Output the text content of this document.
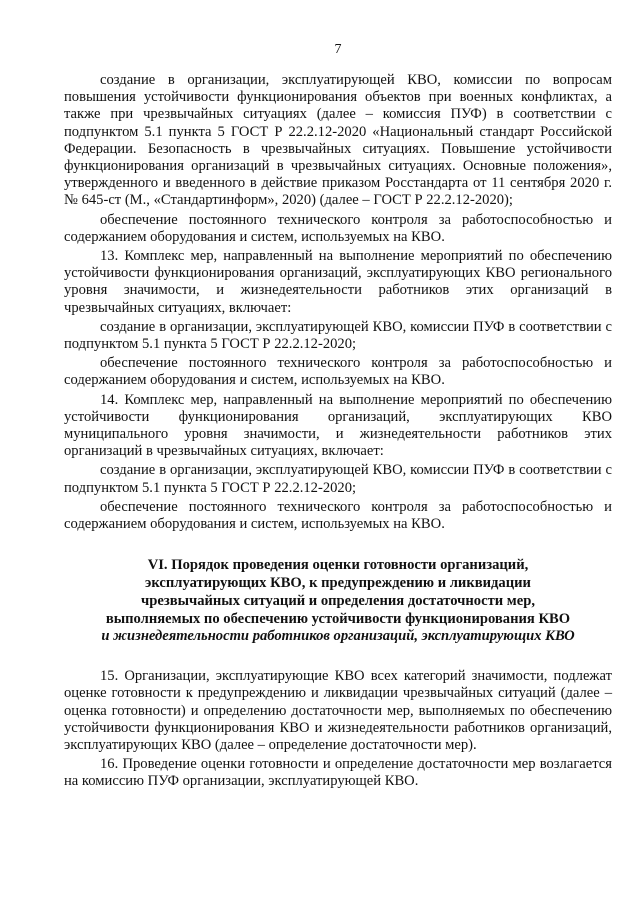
7

создание в организации, эксплуатирующей КВО, комиссии по вопросам повышения устойчивости функционирования объектов при военных конфликтах, а также при чрезвычайных ситуациях (далее – комиссия ПУФ) в соответствии с подпунктом 5.1 пункта 5 ГОСТ Р 22.2.12-2020 «Национальный стандарт Российской Федерации. Безопасность в чрезвычайных ситуациях. Повышение устойчивости функционирования организаций в чрезвычайных ситуациях. Основные положения», утвержденного и введенного в действие приказом Росстандарта от 11 сентября 2020 г. № 645-ст (М., «Стандартинформ», 2020) (далее – ГОСТ Р 22.2.12-2020);

обеспечение постоянного технического контроля за работоспособностью и содержанием оборудования и систем, используемых на КВО.

13. Комплекс мер, направленный на выполнение мероприятий по обеспечению устойчивости функционирования организаций, эксплуатирующих КВО регионального уровня значимости, и жизнедеятельности работников этих организаций в чрезвычайных ситуациях, включает:

создание в организации, эксплуатирующей КВО, комиссии ПУФ в соответствии с подпунктом 5.1 пункта 5 ГОСТ Р 22.2.12-2020;

обеспечение постоянного технического контроля за работоспособностью и содержанием оборудования и систем, используемых на КВО.

14. Комплекс мер, направленный на выполнение мероприятий по обеспечению устойчивости функционирования организаций, эксплуатирующих КВО муниципального уровня значимости, и жизнедеятельности работников этих организаций в чрезвычайных ситуациях, включает:

создание в организации, эксплуатирующей КВО, комиссии ПУФ в соответствии с подпунктом 5.1 пункта 5 ГОСТ Р 22.2.12-2020;

обеспечение постоянного технического контроля за работоспособностью и содержанием оборудования и систем, используемых на КВО.

VI. Порядок проведения оценки готовности организаций,
эксплуатирующих КВО, к предупреждению и ликвидации
чрезвычайных ситуаций и определения достаточности мер,
выполняемых по обеспечению устойчивости функционирования КВО
и жизнедеятельности работников организаций, эксплуатирующих КВО

15. Организации, эксплуатирующие КВО всех категорий значимости, подлежат оценке готовности к предупреждению и ликвидации чрезвычайных ситуаций (далее – оценка готовности) и определению достаточности мер, выполняемых по обеспечению устойчивости функционирования КВО и жизнедеятельности работников организаций, эксплуатирующих КВО (далее – определение достаточности мер).

16. Проведение оценки готовности и определение достаточности мер возлагается на комиссию ПУФ организации, эксплуатирующей КВО.
